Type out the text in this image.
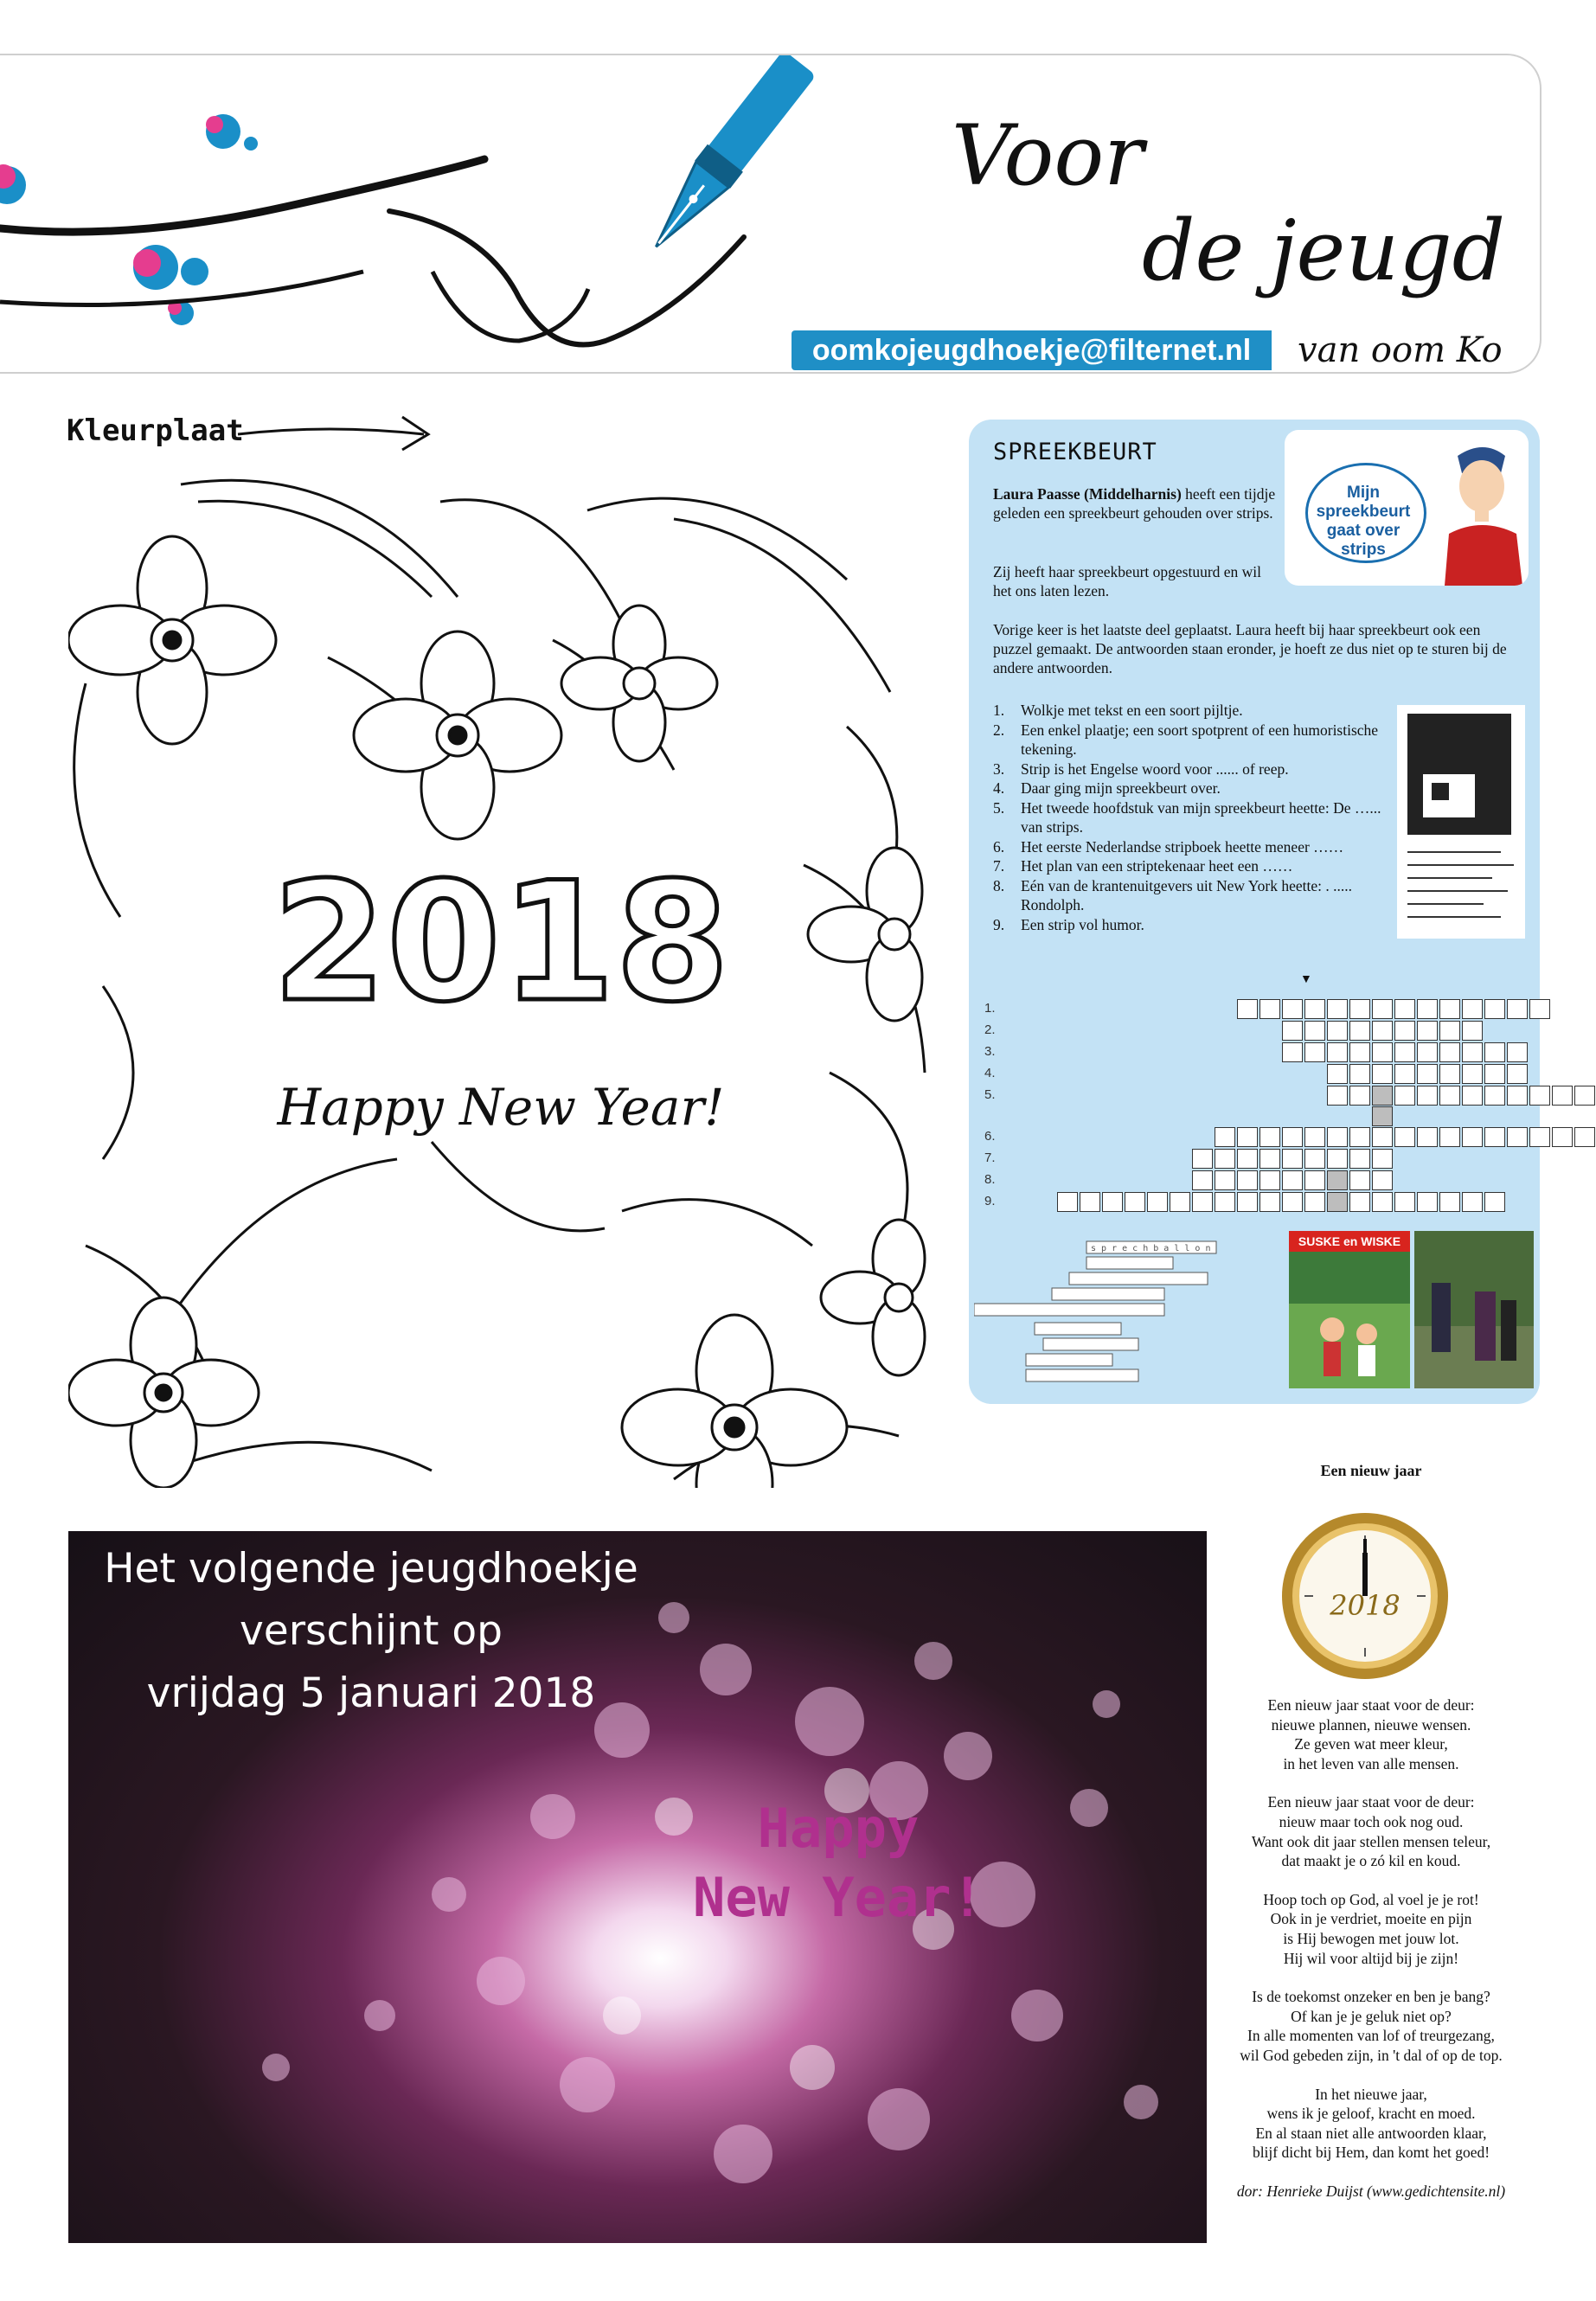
Voor
de jeugd
oomkojeugdhoekje@filternet.nl	van oom Ko
Kleurplaat
2018
Happy New Year!
SPREEKBEURT
Laura Paasse (Middelharnis) heeft een tijdje geleden een spreekbeurt gehouden over strips.
Zij heeft haar spreekbeurt opgestuurd en wil het ons laten lezen.
Vorige keer is het laatste deel geplaatst. Laura heeft bij haar spreekbeurt ook een puzzel gemaakt. De antwoorden staan eronder, je hoeft ze dus niet op te sturen bij de andere antwoorden.
Mijn spreekbeurt gaat over strips
1.	Wolkje met tekst en een soort pijltje.
2.	Een enkel plaatje; een soort spotprent of een humoristische tekening.
3.	Strip is het Engelse woord voor ...... of reep.
4.	Daar ging mijn spreekbeurt over.
5.	Het tweede hoofdstuk van mijn spreekbeurt heette: De …... van strips.
6.	Het eerste Nederlandse stripboek heette meneer ……
7.	Het plan van een striptekenaar heet een ……
8.	Eén van de krantenuitgevers uit New York heette: . ..... Rondolph.
9.	Een strip vol humor.
▼
1.
2.
3.
4.
5.
6.
7.
8.
9.
s p r e c h b a l l o n
SUSKE en WISKE
Het volgende jeugdhoekje
verschijnt op
vrijdag 5 januari 2018
Happy
New Year!
Een nieuw jaar
2018
Een nieuw jaar staat voor de deur:
nieuwe plannen, nieuwe wensen.
Ze geven wat meer kleur,
in het leven van alle mensen.
Een nieuw jaar staat voor de deur:
nieuw maar toch ook nog oud.
Want ook dit jaar stellen mensen teleur,
dat maakt je o zó kil en koud.
Hoop toch op God, al voel je je rot!
Ook in je verdriet, moeite en pijn
is Hij bewogen met jouw lot.
Hij wil voor altijd bij je zijn!
Is de toekomst onzeker en ben je bang?
Of kan je je geluk niet op?
In alle momenten van lof of treurgezang,
wil God gebeden zijn, in 't dal of op de top.
In het nieuwe jaar,
wens ik je geloof, kracht en moed.
En al staan niet alle antwoorden klaar,
blijf dicht bij Hem, dan komt het goed!
dor: Henrieke Duijst (www.gedichtensite.nl)
